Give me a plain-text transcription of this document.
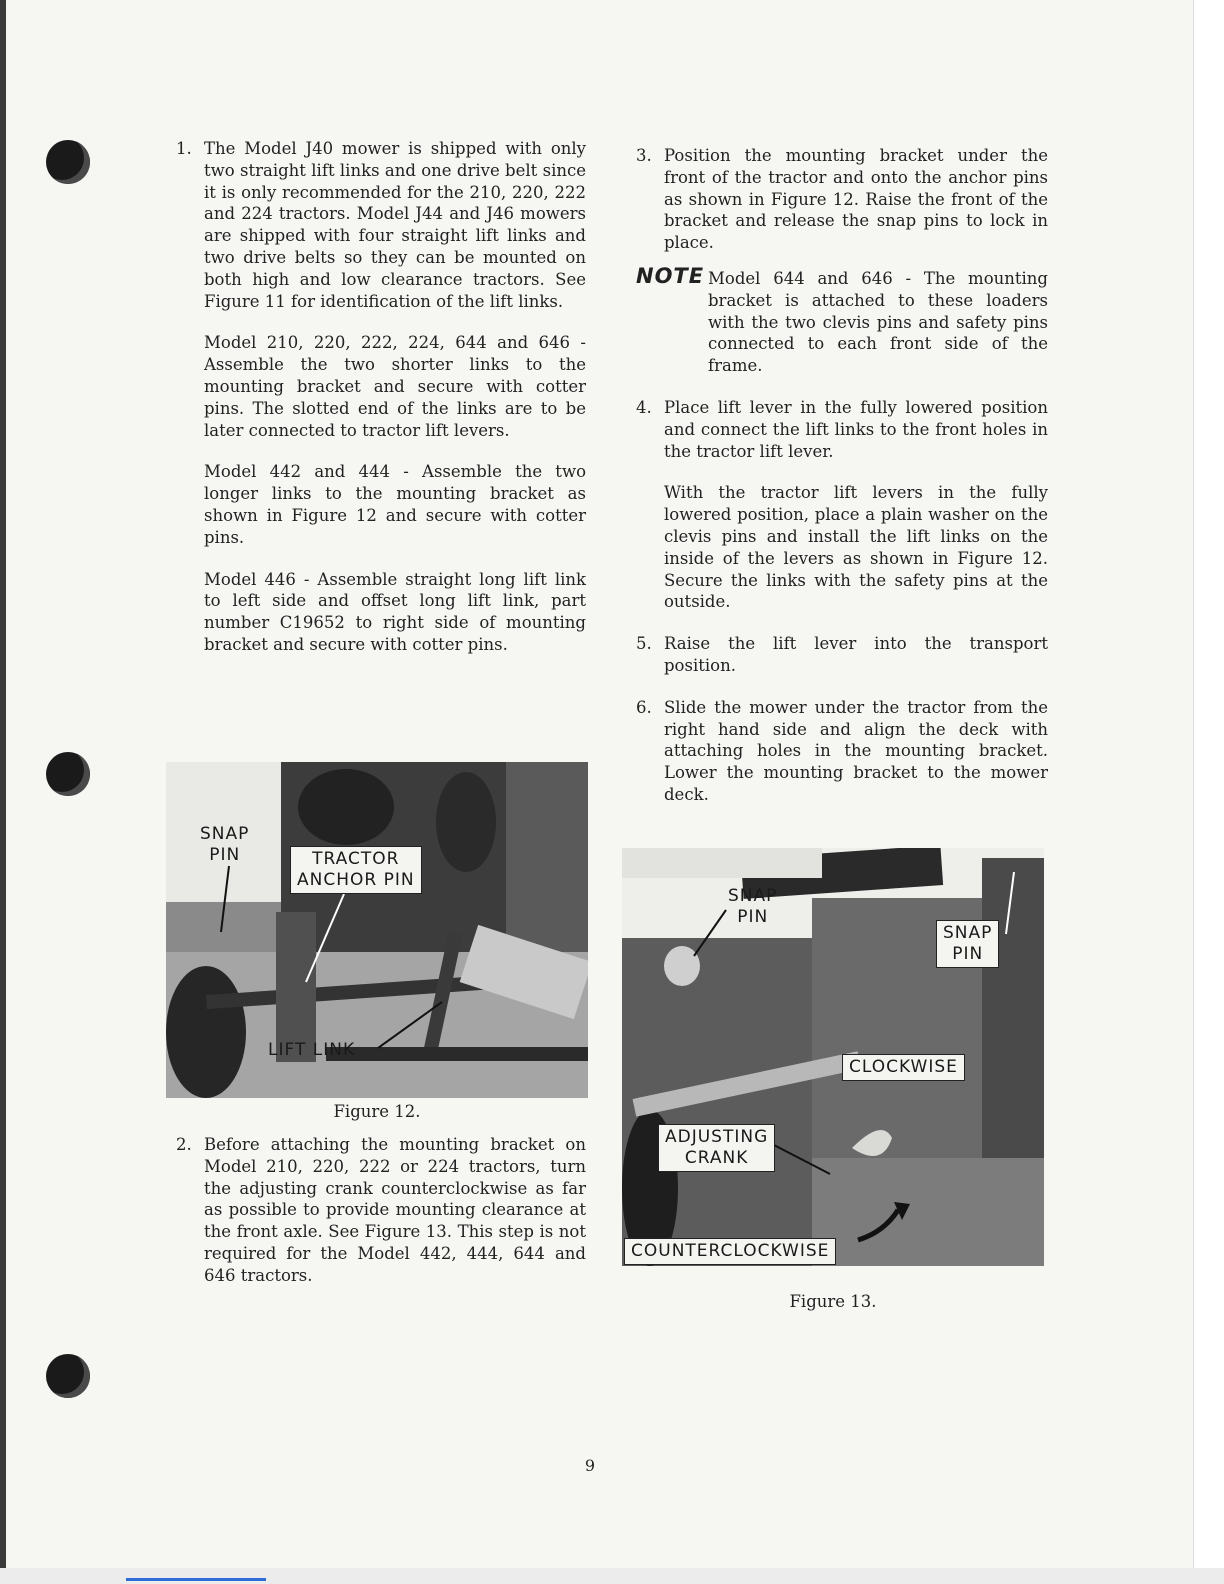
1. The Model J40 mower is shipped with only two straight lift links and one drive belt since it is only recommended for the 210, 220, 222 and 224 tractors. Model J44 and J46 mowers are shipped with four straight lift links and two drive belts so they can be mounted on both high and low clearance tractors. See Figure 11 for identification of the lift links.
Model 210, 220, 222, 224, 644 and 646 - Assemble the two shorter links to the mounting bracket and secure with cotter pins. The slotted end of the links are to be later connected to tractor lift levers.
Model 442 and 444 - Assemble the two longer links to the mounting bracket as shown in Figure 12 and secure with cotter pins.
Model 446 - Assemble straight long lift link to left side and offset long lift link, part number C19652 to right side of mounting bracket and secure with cotter pins.
SNAP
PIN	TRACTOR
ANCHOR PIN
LIFT LINK
Figure 12.
2. Before attaching the mounting bracket on Model 210, 220, 222 or 224 tractors, turn the adjusting crank counterclockwise as far as possible to provide mounting clearance at the front axle. See Figure 13. This step is not required for the Model 442, 444, 644 and 646 tractors.
3. Position the mounting bracket under the front of the tractor and onto the anchor pins as shown in Figure 12. Raise the front of the bracket and release the snap pins to lock in place.
NOTE Model 644 and 646 - The mounting bracket is attached to these loaders with the two clevis pins and safety pins connected to each front side of the frame.
4. Place lift lever in the fully lowered position and connect the lift links to the front holes in the tractor lift lever.
With the tractor lift levers in the fully lowered position, place a plain washer on the clevis pins and install the lift links on the inside of the levers as shown in Figure 12. Secure the links with the safety pins at the outside.
5. Raise the lift lever into the transport position.
6. Slide the mower under the tractor from the right hand side and align the deck with attaching holes in the mounting bracket. Lower the mounting bracket to the mower deck.
SNAP
PIN
SNAP
PIN
CLOCKWISE
ADJUSTING
CRANK
COUNTERCLOCKWISE
Figure 13.
9
